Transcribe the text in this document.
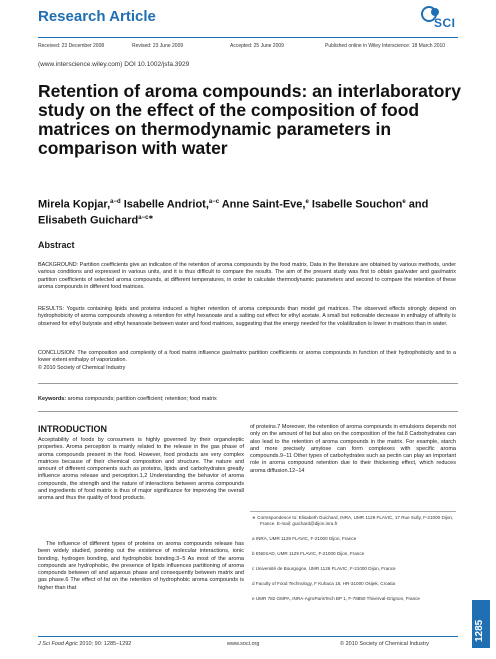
Research Article	SCI
Received: 23 December 2008	Revised: 23 June 2009	Accepted: 25 June 2009	Published online in Wiley Interscience: 18 March 2010
(www.interscience.wiley.com) DOI 10.1002/jsfa.3929
Retention of aroma compounds: an interlaboratory study on the effect of the composition of food matrices on thermodynamic parameters in comparison with water
Mirela Kopjar,$^{a-d}$ Isabelle Andriot,$^{a-c}$ Anne Saint-Eve,$^e$ Isabelle Souchon$^e$ and Elisabeth Guichard$^{a-c∗}$
Abstract

BACKGROUND: Partition coefficients give an indication of the retention of aroma compounds by the food matrix. Data in the literature are obtained by various methods, under various conditions and expressed in various units, and it is thus difficult to compare the results. The aim of the present study was first to obtain gas/water and gas/matrix partition coefficients of selected aroma compounds, at different temperatures, in order to calculate thermodynamic parameters and second to compare the retention of these aroma compounds in different food matrices.

RESULTS: Yogurts containing lipids and proteins induced a higher retention of aroma compounds than model gel matrices. The observed effects strongly depend on hydrophobicity of aroma compounds showing a retention for ethyl hexanoate and a salting out effect for ethyl acetate. A small but noticeable decrease in enthalpy of affinity is observed for ethyl butyrate and ethyl hexanoate between water and food matrices, suggesting that the energy needed for the volatilization is lower in matrices than in water.

CONCLUSION: The composition and complexity of a food matrix influence gas/matrix partition coefficients or aroma compounds in function of their hydrophobicity and to a lower extent enthalpy of vaporization.
© 2010 Society of Chemical Industry
Keywords: aroma compounds; partition coefficient; retention; food matrix
INTRODUCTION

Acceptability of foods by consumers is highly governed by their organoleptic properties. Aroma perception is mainly related to the release in the gas phase of aroma compounds present in the food. However, food products are very complex matrices because of their chemical composition and structure. The nature and amount of different components such as proteins, lipids and carbohydrates greatly influence aroma release and perception.1,2 Understanding the behavior of aroma compounds, the strength and the nature of interactions between aroma compounds and ingredients of food matrix is thus of major significance for improving the overall aroma and thus the quality of food products.

The influence of different types of proteins on aroma compounds release has been widely studied, pointing out the existence of molecular interactions, ionic bonding, hydrogen bonding, and hydrophobic bonding.3−5 As most of the aroma compounds are hydrophobic, the presence of lipids influences partitioning of aroma compounds between oil and aqueous phase and consequently between matrix and gas phase.6 The effect of fat on the retention of hydrophobic aroma compounds is higher than that

of proteins.7 Moreover, the retention of aroma compounds in emulsions depends not only on the amount of fat but also on the composition of the fat.8 Carbohydrates can also lead to the retention of aroma compounds in the matrix. For example, starch and more precisely amylose can form complexes with specific aroma compounds.9−11 Other types of carbohydrates such as pectin can play an important role in aroma compound retention due to their thickening effect, which reduces aroma diffusion.12−14

∗ Correspondence to: Elisabeth Guichard, INRA, UMR 1129 FLAVIC, 17 Rue Sully, F-21000 Dijon, France. E-mail: guichard@dijon.inra.fr

a INRA, UMR 1129 FLAVIC, F-21000 Dijon, France

b ENESAD, UMR 1129 FLAVIC, F-21000 Dijon, France

c Université de Bourgogne, UMR 1129 FLAVIC, F-21000 Dijon, France

d Faculty of Food Technology, F Kuhaca 18, HR-31000 Osijek, Croatia

e UMR 782 GMPA, INRA-AgroParisTech BP 1, F-78850 Thiverval-Grignon, France

1285
J Sci Food Agric 2010; 90: 1285–1292	www.soci.org	© 2010 Society of Chemical Industry
